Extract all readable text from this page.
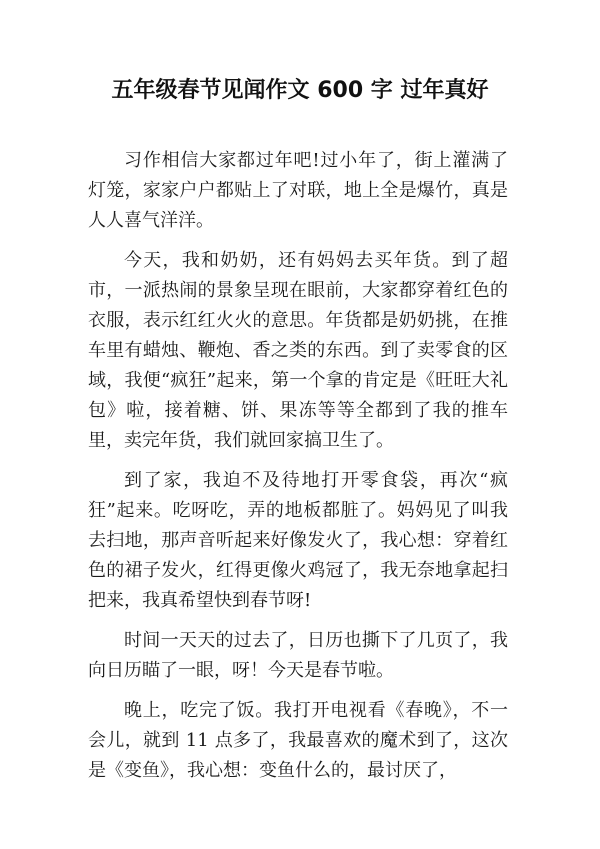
五年级春节见闻作文 600 字 过年真好

习作相信大家都过年吧!过小年了，街上灌满了灯笼，家家户户都贴上了对联，地上全是爆竹，真是人人喜气洋洋。

今天，我和奶奶，还有妈妈去买年货。到了超市，一派热闹的景象呈现在眼前，大家都穿着红色的衣服，表示红红火火的意思。年货都是奶奶挑，在推车里有蜡烛、鞭炮、香之类的东西。到了卖零食的区域，我便“疯狂”起来，第一个拿的肯定是《旺旺大礼包》啦，接着糖、饼、果冻等等全都到了我的推车里，卖完年货，我们就回家搞卫生了。

到了家，我迫不及待地打开零食袋，再次“疯狂”起来。吃呀吃，弄的地板都脏了。妈妈见了叫我去扫地，那声音听起来好像发火了，我心想：穿着红色的裙子发火，红得更像火鸡冠了，我无奈地拿起扫把来，我真希望快到春节呀!

时间一天天的过去了，日历也撕下了几页了，我向日历瞄了一眼，呀！今天是春节啦。

晚上，吃完了饭。我打开电视看《春晚》，不一会儿，就到 11 点多了，我最喜欢的魔术到了，这次是《变鱼》，我心想：变鱼什么的，最讨厌了，
